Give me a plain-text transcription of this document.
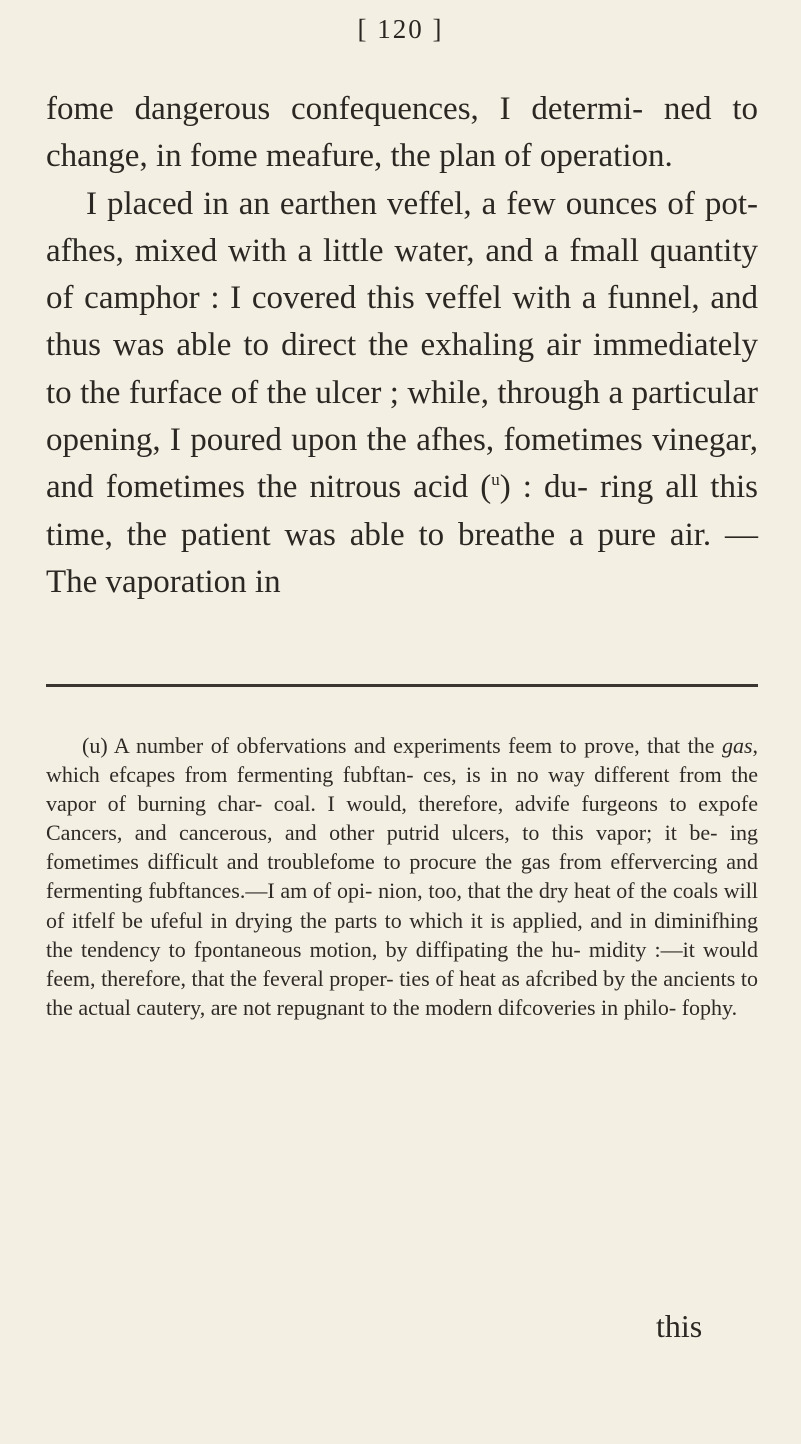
[ 120 ]

fome dangerous confequences, I determi- ned to change, in fome meafure, the plan of operation.

I placed in an earthen veffel, a few ounces of pot-afhes, mixed with a little water, and a fmall quantity of camphor : I covered this veffel with a funnel, and thus was able to direct the exhaling air immediately to the furface of the ulcer ; while, through a particular opening, I poured upon the afhes, fometimes vinegar, and fometimes the nitrous acid ($^u$) : du- ring all this time, the patient was able to breathe a pure air. — The vaporation in

(u) A number of obfervations and experiments feem to prove, that the gas, which efcapes from fermenting fubftan- ces, is in no way different from the vapor of burning char- coal. I would, therefore, advife furgeons to expofe Cancers, and cancerous, and other putrid ulcers, to this vapor; it be- ing fometimes difficult and troublefome to procure the gas from effervercing and fermenting fubftances.—I am of opi- nion, too, that the dry heat of the coals will of itfelf be ufeful in drying the parts to which it is applied, and in diminifhing the tendency to fpontaneous motion, by diffipating the hu- midity :—it would feem, therefore, that the feveral proper- ties of heat as afcribed by the ancients to the actual cautery, are not repugnant to the modern difcoveries in philo- fophy.

this
